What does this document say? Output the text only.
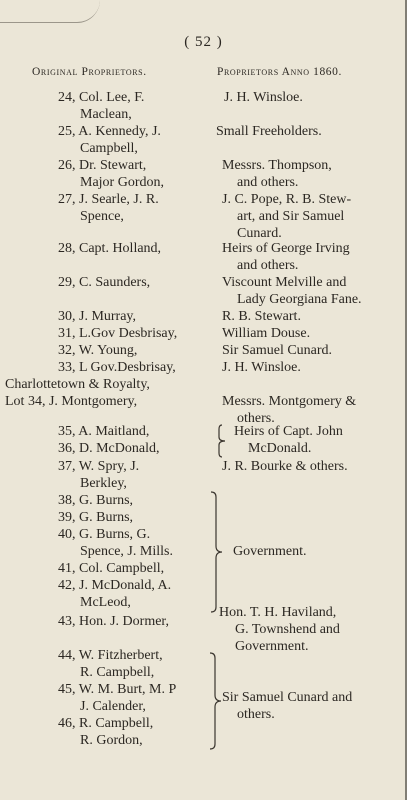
( 52 )
Original Proprietors.	Proprietors Anno 1860.
24, Col. Lee, F.
Maclean,
25, A. Kennedy, J.
Campbell,
26, Dr. Stewart,
Major Gordon,
27, J. Searle, J. R.
Spence,
28, Capt. Holland,
29, C. Saunders,
30, J. Murray,
31, L.Gov Desbrisay,
32, W. Young,
33, L Gov.Desbrisay,
Charlottetown & Royalty,
Lot 34, J. Montgomery,
35, A. Maitland,
36, D. McDonald,
37, W. Spry, J.
Berkley,
38, G. Burns,
39, G. Burns,
40, G. Burns, G.
Spence, J. Mills.
41, Col. Campbell,
42, J. McDonald, A.
McLeod,
43, Hon. J. Dormer,
44, W. Fitzherbert,
R. Campbell,
45, W. M. Burt, M. P
J. Calender,
46, R. Campbell,
R. Gordon,
J. H. Winsloe.
Small Freeholders.
Messrs. Thompson,
and others.
J. C. Pope, R. B. Stew-
art, and Sir Samuel
Cunard.
Heirs of George Irving
and others.
Viscount Melville and
Lady Georgiana Fane.
R. B. Stewart.
William Douse.
Sir Samuel Cunard.
J. H. Winsloe.
Messrs. Montgomery &
others.
Heirs of Capt. John
McDonald.
J. R. Bourke & others.
Government.
Hon. T. H. Haviland,
G. Townshend and
Government.
Sir Samuel Cunard and
others.
